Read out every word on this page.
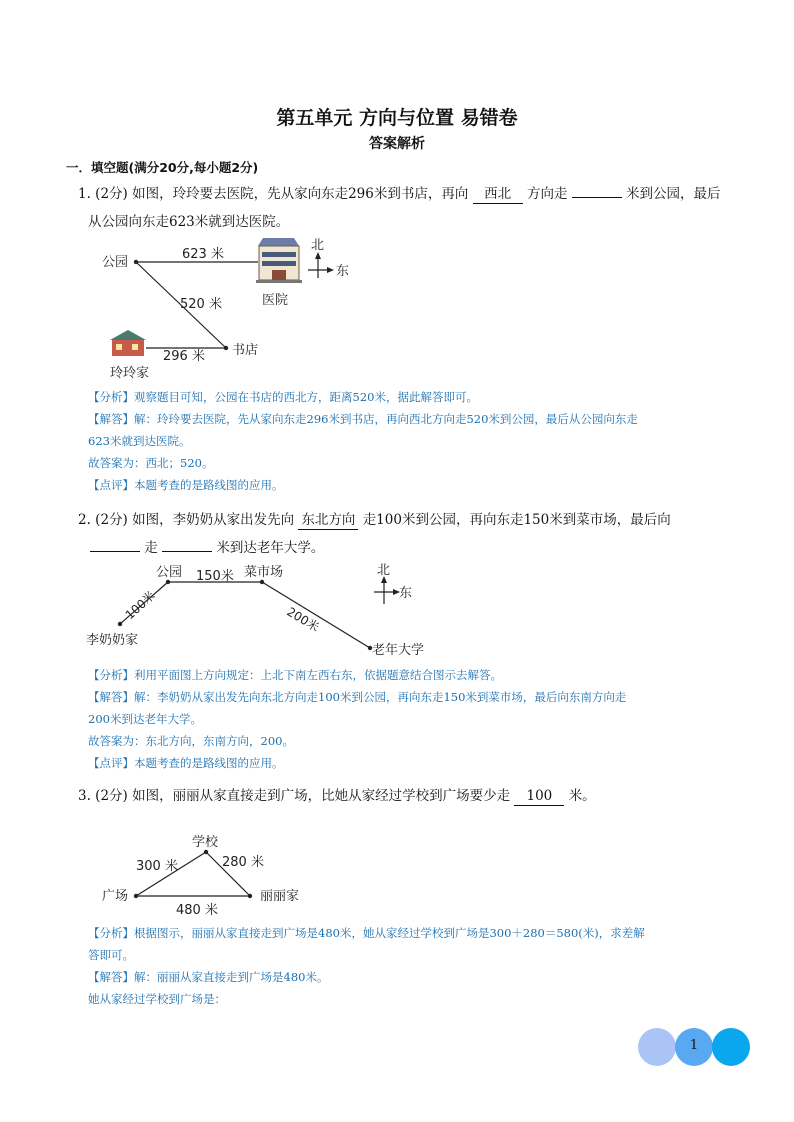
第五单元 方向与位置 易错卷
答案解析
一．填空题(满分20分,每小题2分)
1. (2分) 如图，玲玲要去医院，先从家向东走296米到书店，再向 西北 方向走	米到公园，最后
从公园向东走623米就到达医院。
公园
623 米
520 米
296 米 书店
玲玲家
医院
北
东
【分析】观察题目可知，公园在书店的西北方，距离520米，据此解答即可。
【解答】解：玲玲要去医院，先从家向东走296米到书店，再向西北方向走520米到公园，最后从公园向东走
623米就到达医院。
故答案为：西北；520。
【点评】本题考查的是路线图的应用。
2. (2分) 如图，李奶奶从家出发先向 东北方向 走100米到公园，再向东走150米到菜市场，最后向
走	米到达老年大学。
公园 150米 菜市场
李奶奶家
老年大学
100米	200米
北
东
【分析】利用平面图上方向规定：上北下南左西右东，依据题意结合图示去解答。
【解答】解：李奶奶从家出发先向东北方向走100米到公园，再向东走150米到菜市场，最后向东南方向走
200米到达老年大学。
故答案为：东北方向，东南方向，200。
【点评】本题考查的是路线图的应用。
3. (2分) 如图，丽丽从家直接走到广场，比她从家经过学校到广场要少走 100 米。
学校
300 米	280 米
广场	丽丽家
480 米
【分析】根据图示，丽丽从家直接走到广场是480米，她从家经过学校到广场是300＋280＝580(米)，求差解
答即可。
【解答】解：丽丽从家直接走到广场是480米。
她从家经过学校到广场是：
1
